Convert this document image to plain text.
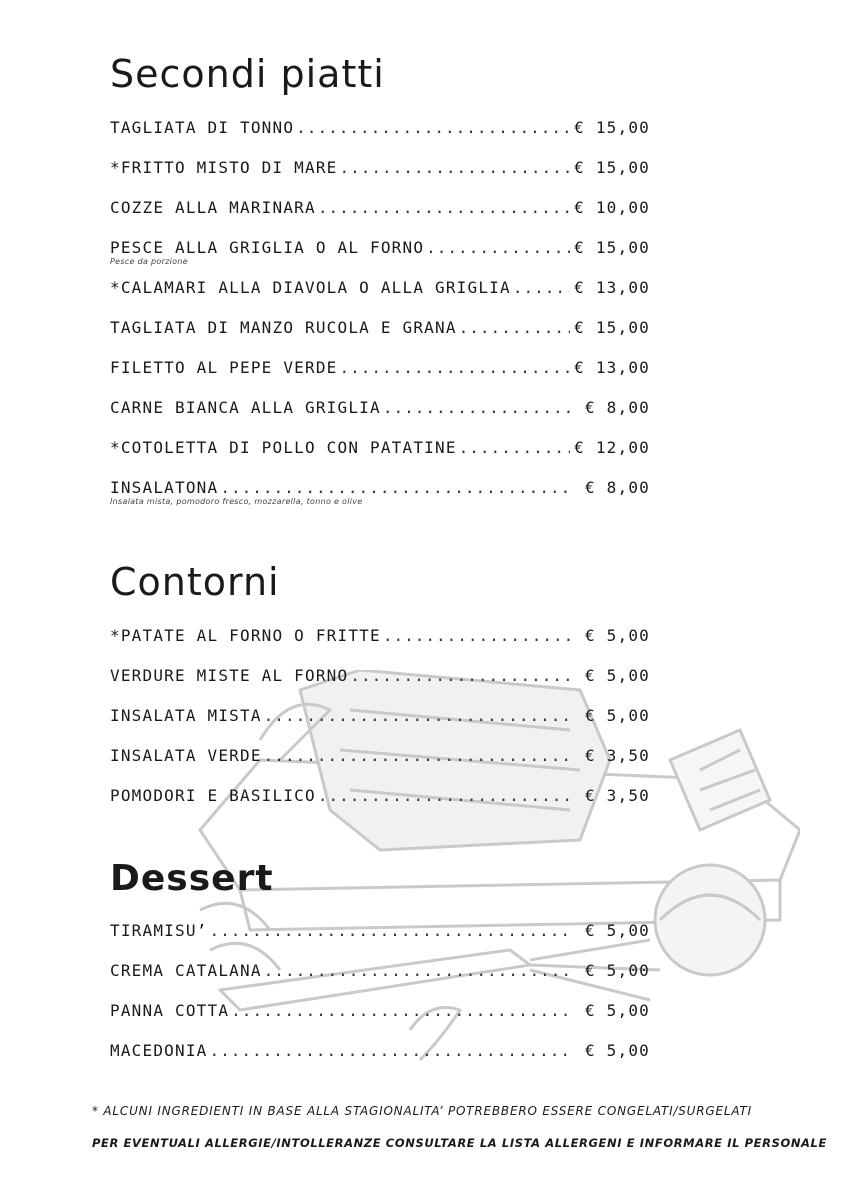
Secondi piatti
TAGLIATA DI TONNO .....	€ 15,00
*FRITTO MISTO DI MARE .....	€ 15,00
COZZE ALLA MARINARA .....	€ 10,00
PESCE ALLA GRIGLIA O AL FORNO .....	€ 15,00
Pesce da porzione
*CALAMARI ALLA DIAVOLA O ALLA GRIGLIA .....	€ 13,00
TAGLIATA DI MANZO RUCOLA E GRANA .....	€ 15,00
FILETTO AL PEPE VERDE .....	€ 13,00
CARNE BIANCA ALLA GRIGLIA .....	€ 8,00
*COTOLETTA DI POLLO CON PATATINE .....	€ 12,00
INSALATONA .....	€ 8,00
Insalata mista, pomodoro fresco, mozzarella, tonno e olive
Contorni
*PATATE AL FORNO O FRITTE .....	€ 5,00
VERDURE MISTE AL FORNO .....	€ 5,00
INSALATA MISTA .....	€ 5,00
INSALATA VERDE .....	€ 3,50
POMODORI E BASILICO .....	€ 3,50
Dessert
TIRAMISU’ .....	€ 5,00
CREMA CATALANA .....	€ 5,00
PANNA COTTA .....	€ 5,00
MACEDONIA .....	€ 5,00
* ALCUNI INGREDIENTI IN BASE ALLA STAGIONALITA’ POTREBBERO ESSERE CONGELATI/SURGELATI
PER EVENTUALI ALLERGIE/INTOLLERANZE CONSULTARE LA LISTA ALLERGENI E INFORMARE IL PERSONALE
